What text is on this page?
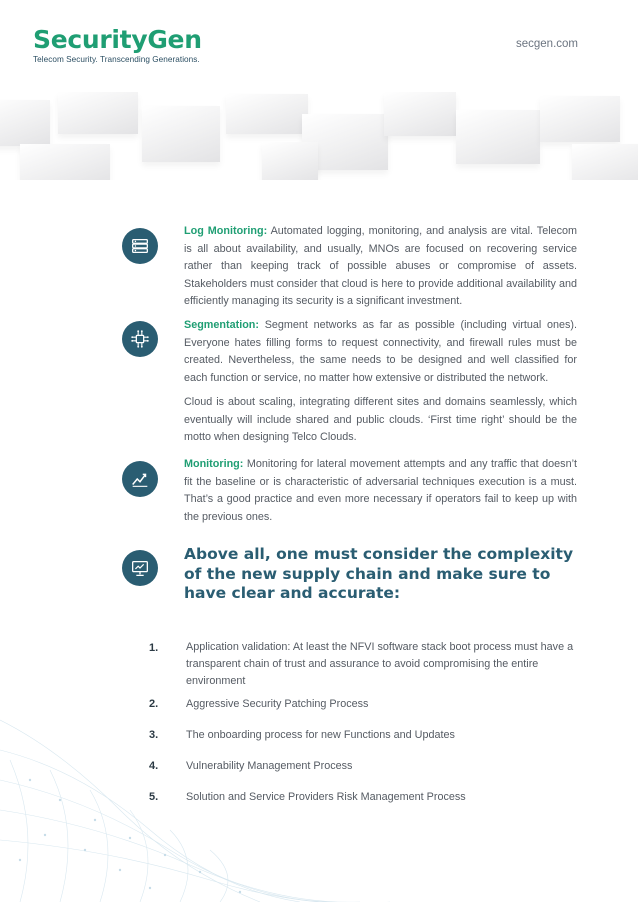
SecurityGen
Telecom Security. Transcending Generations.
secgen.com
Log Monitoring: Automated logging, monitoring, and analysis are vital. Telecom is all about availability, and usually, MNOs are focused on recovering service rather than keeping track of possible abuses or compromise of assets. Stakeholders must consider that cloud is here to provide additional availability and efficiently managing its security is a significant investment.
Segmentation: Segment networks as far as possible (including virtual ones). Everyone hates filling forms to request connectivity, and firewall rules must be created. Nevertheless, the same needs to be designed and well classified for each function or service, no matter how extensive or distributed the network.
Cloud is about scaling, integrating different sites and domains seamlessly, which eventually will include shared and public clouds. ‘First time right’ should be the motto when designing Telco Clouds.
Monitoring: Monitoring for lateral movement attempts and any traffic that doesn’t fit the baseline or is characteristic of adversarial techniques execution is a must. That’s a good practice and even more necessary if operators fail to keep up with the previous ones.
Above all, one must consider the complexity of the new supply chain and make sure to have clear and accurate:
1.	Application validation: At least the NFVI software stack boot process must have a transparent chain of trust and assurance to avoid compromising the entire environment
2.	Aggressive Security Patching Process
3.	The onboarding process for new Functions and Updates
4.	Vulnerability Management Process
5.	Solution and Service Providers Risk Management Process
